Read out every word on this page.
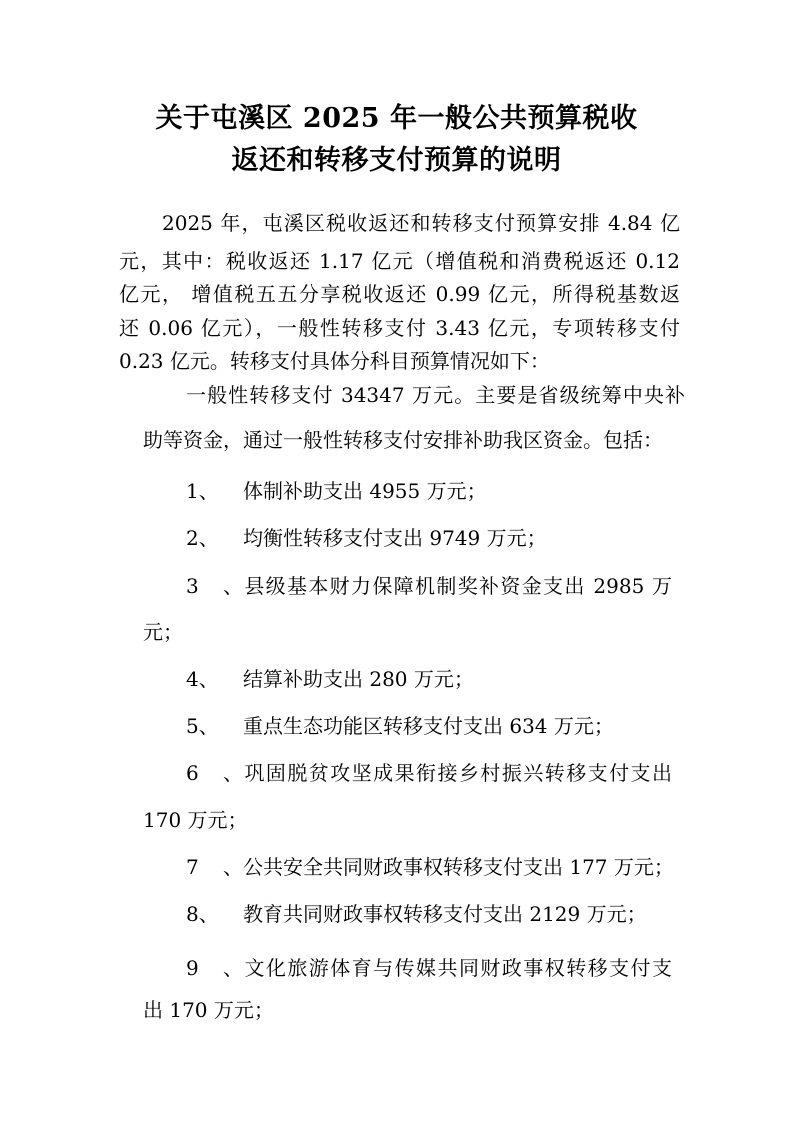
关于屯溪区 2025 年一般公共预算税收
返还和转移支付预算的说明
2025 年，屯溪区税收返还和转移支付预算安排 4.84 亿
元，其中：税收返还 1.17 亿元（增值税和消费税返还 0.12
亿元， 增值税五五分享税收返还 0.99 亿元，所得税基数返
还 0.06 亿元），一般性转移支付 3.43 亿元，专项转移支付
0.23 亿元。转移支付具体分科目预算情况如下：
一般性转移支付 34347 万元。主要是省级统筹中央补
助等资金，通过一般性转移支付安排补助我区资金。包括：
1、 体制补助支出 4955 万元；
2、 均衡性转移支付支出 9749 万元；
3、县级基本财力保障机制奖补资金支出 2985 万
元；
4、 结算补助支出 280 万元；
5、 重点生态功能区转移支付支出 634 万元；
6、巩固脱贫攻坚成果衔接乡村振兴转移支付支出
170 万元；
7、公共安全共同财政事权转移支付支出 177 万元；
8、 教育共同财政事权转移支付支出 2129 万元；
9、文化旅游体育与传媒共同财政事权转移支付支
出 170 万元；
